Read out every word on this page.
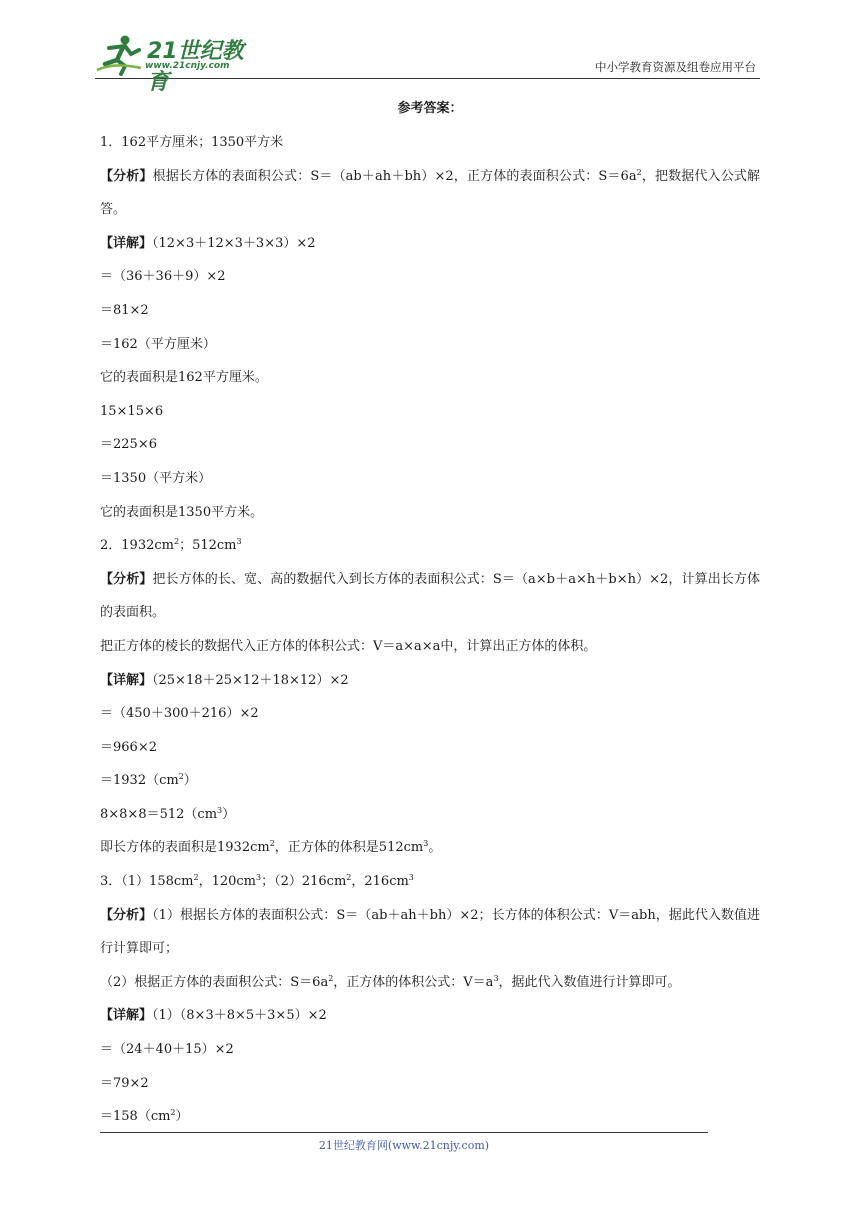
21世纪教育
www.21cnjy.com	中小学教育资源及组卷应用平台
参考答案：
1．162平方厘米；1350平方米
【分析】根据长方体的表面积公式：S＝（ab＋ah＋bh）×2，正方体的表面积公式：$S=6a^2$，把数据代入公式解答。
【详解】（12×3＋12×3＋3×3）×2
＝（36＋36＋9）×2
＝81×2
＝162（平方厘米）
它的表面积是162平方厘米。
15×15×6
＝225×6
＝1350（平方米）
它的表面积是1350平方米。
2．$1932cm^2$；$512cm^3$
【分析】把长方体的长、宽、高的数据代入到长方体的表面积公式：S＝（a×b＋a×h＋b×h）×2，计算出长方体的表面积。
把正方体的棱长的数据代入正方体的体积公式：V＝a×a×a中，计算出正方体的体积。
【详解】（25×18＋25×12＋18×12）×2
＝（450＋300＋216）×2
＝966×2
$=1932(cm^2)$
$8\times 8\times 8=512(cm^3)$
即长方体的表面积是$1932cm^2$，正方体的体积是$512cm^3$。
3．$(1)158cm^2$，$120cm^3$；$(2)216cm^2$，$216cm^3$
【分析】（1）根据长方体的表面积公式：S＝（ab＋ah＋bh）×2；长方体的体积公式：V＝abh，据此代入数值进行计算即可；
（2）根据正方体的表面积公式：$S=6a^2$，正方体的体积公式：$V=a^3$，据此代入数值进行计算即可。
【详解】（1）（8×3＋8×5＋3×5）×2
＝（24＋40＋15）×2
＝79×2
$=158(cm^2)$
21世纪教育网(www.21cnjy.com)
